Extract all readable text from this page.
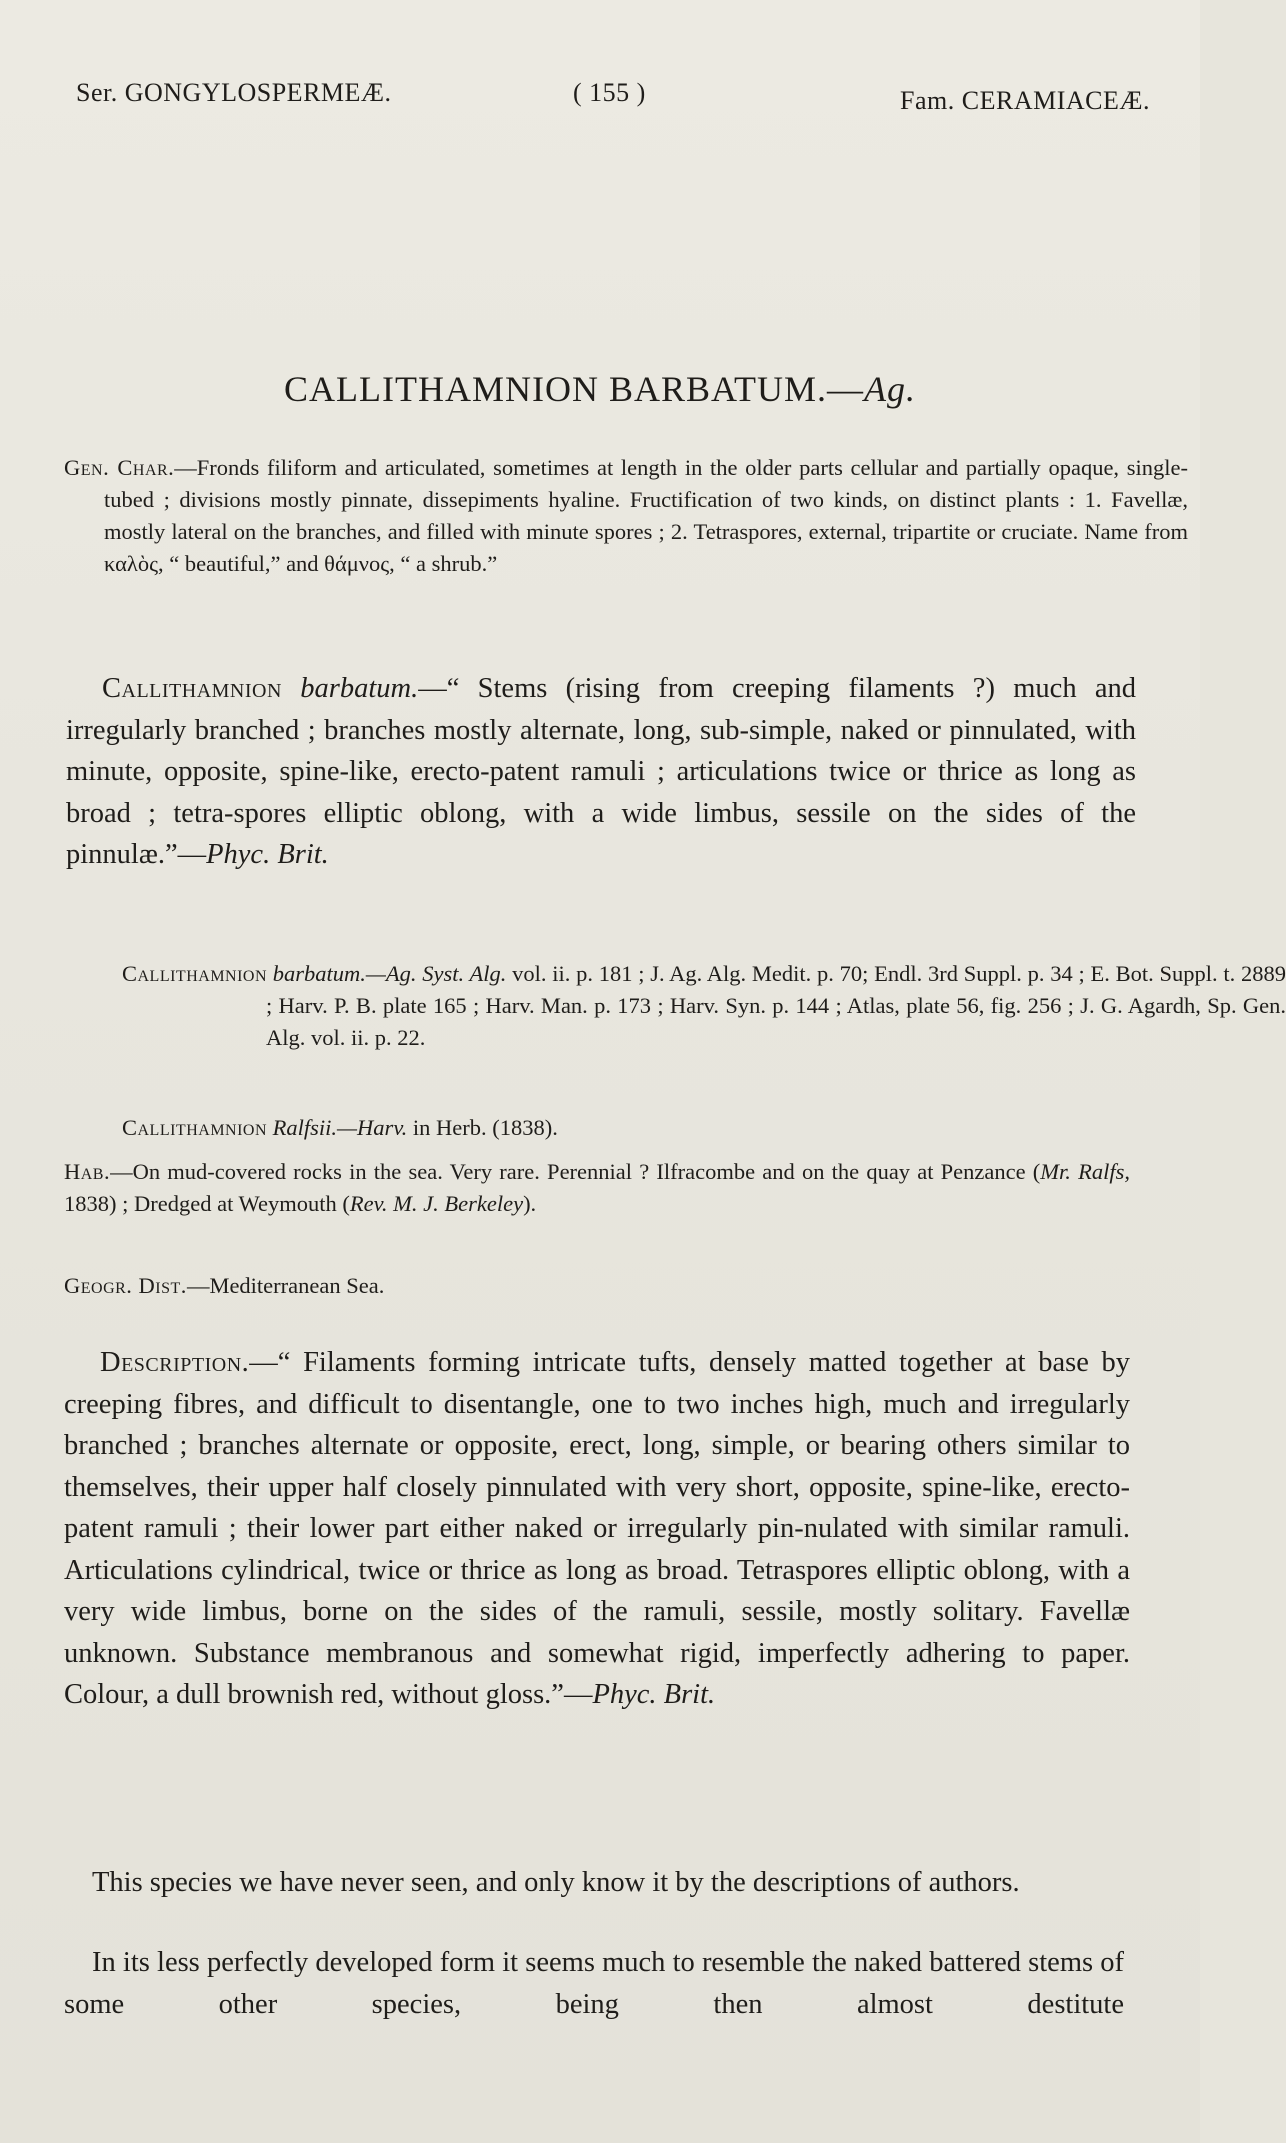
Ser. GONGYLOSPERMEÆ.	( 155 )	Fam. CERAMIACEÆ.
CALLITHAMNION BARBATUM.—Ag.

Gen. Char.—Fronds filiform and articulated, sometimes at length in the older parts cellular and partially opaque, single-tubed ; divisions mostly pinnate, dissepiments hyaline. Fructification of two kinds, on distinct plants : 1. Favellæ, mostly lateral on the branches, and filled with minute spores ; 2. Tetraspores, external, tripartite or cruciate. Name from καλὸς, “ beautiful,” and θάμνος, “ a shrub.”

Callithamnion barbatum.—“ Stems (rising from creeping filaments ?) much and irregularly branched ; branches mostly alternate, long, sub-simple, naked or pinnulated, with minute, opposite, spine-like, erecto-patent ramuli ; articulations twice or thrice as long as broad ; tetra-spores elliptic oblong, with a wide limbus, sessile on the sides of the pinnulæ.”—Phyc. Brit.

Callithamnion barbatum.—Ag. Syst. Alg. vol. ii. p. 181 ; J. Ag. Alg. Medit. p. 70; Endl. 3rd Suppl. p. 34 ; E. Bot. Suppl. t. 2889 ; Harv. P. B. plate 165 ; Harv. Man. p. 173 ; Harv. Syn. p. 144 ; Atlas, plate 56, fig. 256 ; J. G. Agardh, Sp. Gen. Alg. vol. ii. p. 22.

Callithamnion Ralfsii.—Harv. in Herb. (1838).

Hab.—On mud-covered rocks in the sea. Very rare. Perennial ? Ilfracombe and on the quay at Penzance (Mr. Ralfs, 1838) ; Dredged at Weymouth (Rev. M. J. Berkeley).

Geogr. Dist.—Mediterranean Sea.

Description.—“ Filaments forming intricate tufts, densely matted together at base by creeping fibres, and difficult to disentangle, one to two inches high, much and irregularly branched ; branches alternate or opposite, erect, long, simple, or bearing others similar to themselves, their upper half closely pinnulated with very short, opposite, spine-like, erecto-patent ramuli ; their lower part either naked or irregularly pin-nulated with similar ramuli. Articulations cylindrical, twice or thrice as long as broad. Tetraspores elliptic oblong, with a very wide limbus, borne on the sides of the ramuli, sessile, mostly solitary. Favellæ unknown. Substance membranous and somewhat rigid, imperfectly adhering to paper. Colour, a dull brownish red, without gloss.”—Phyc. Brit.

This species we have never seen, and only know it by the descriptions of authors.

In its less perfectly developed form it seems much to resemble the naked battered stems of some other species, being then almost destitute
